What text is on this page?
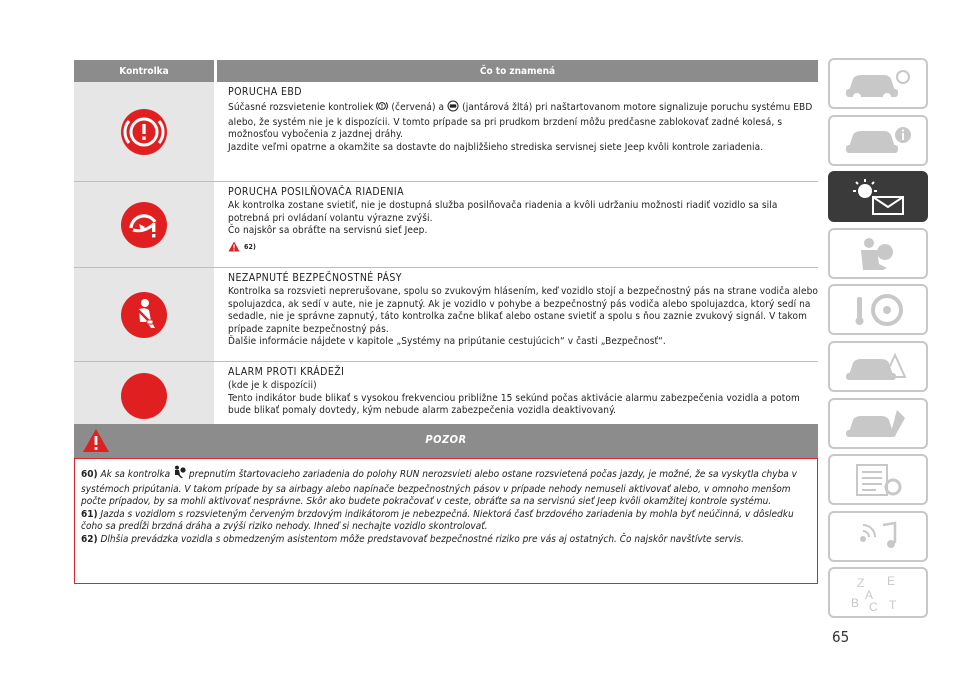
Kontrolka	Čo to znamená
PORUCHA EBD
Súčasné rozsvietenie kontroliek (červená) a (jantárová žltá) pri naštartovanom motore signalizuje poruchu systému EBD alebo, že systém nie je k dispozícii. V tomto prípade sa pri prudkom brzdení môžu predčasne zablokovať zadné kolesá, s možnosťou vybočenia z jazdnej dráhy.
Jazdite veľmi opatrne a okamžite sa dostavte do najbližšieho strediska servisnej siete Jeep kvôli kontrole zariadenia.
PORUCHA POSILŇOVAČA RIADENIA
Ak kontrolka zostane svietiť, nie je dostupná služba posilňovača riadenia a kvôli udržaniu možnosti riadiť vozidlo sa sila potrebná pri ovládaní volantu výrazne zvýši.
Čo najskôr sa obráťte na servisnú sieť Jeep.
62)
NEZAPNUTÉ BEZPEČNOSTNÉ PÁSY
Kontrolka sa rozsvieti neprerušovane, spolu so zvukovým hlásením, keď vozidlo stojí a bezpečnostný pás na strane vodiča alebo spolujazdca, ak sedí v aute, nie je zapnutý. Ak je vozidlo v pohybe a bezpečnostný pás vodiča alebo spolujazdca, ktorý sedí na sedadle, nie je správne zapnutý, táto kontrolka začne blikať alebo ostane svietiť a spolu s ňou zaznie zvukový signál. V takom prípade zapnite bezpečnostný pás.
Ďalšie informácie nájdete v kapitole „Systémy na pripútanie cestujúcich“ v časti „Bezpečnosť“.
ALARM PROTI KRÁDEŽI
(kde je k dispozícii)
Tento indikátor bude blikať s vysokou frekvenciou približne 15 sekúnd počas aktivácie alarmu zabezpečenia vozidla a potom bude blikať pomaly dovtedy, kým nebude alarm zabezpečenia vozidla deaktivovaný.
POZOR

60) Ak sa kontrolka prepnutím štartovacieho zariadenia do polohy RUN nerozsvieti alebo ostane rozsvietená počas jazdy, je možné, že sa vyskytla chyba v systémoch pripútania. V takom prípade by sa airbagy alebo napínače bezpečnostných pásov v prípade nehody nemuseli aktivovať alebo, v omnoho menšom počte prípadov, by sa mohli aktivovať nesprávne. Skôr ako budete pokračovať v ceste, obráťte sa na servisnú sieť Jeep kvôli okamžitej kontrole systému.

61) Jazda s vozidlom s rozsvieteným červeným brzdovým indikátorom je nebezpečná. Niektorá časť brzdového zariadenia by mohla byť neúčinná, v dôsledku čoho sa predĺži brzdná dráha a zvýši riziko nehody. Ihneď si nechajte vozidlo skontrolovať.

62) Dlhšia prevádzka vozidla s obmedzeným asistentom môže predstavovať bezpečnostné riziko pre vás aj ostatných. Čo najskôr navštívte servis.

Z E
A
B C T
65
